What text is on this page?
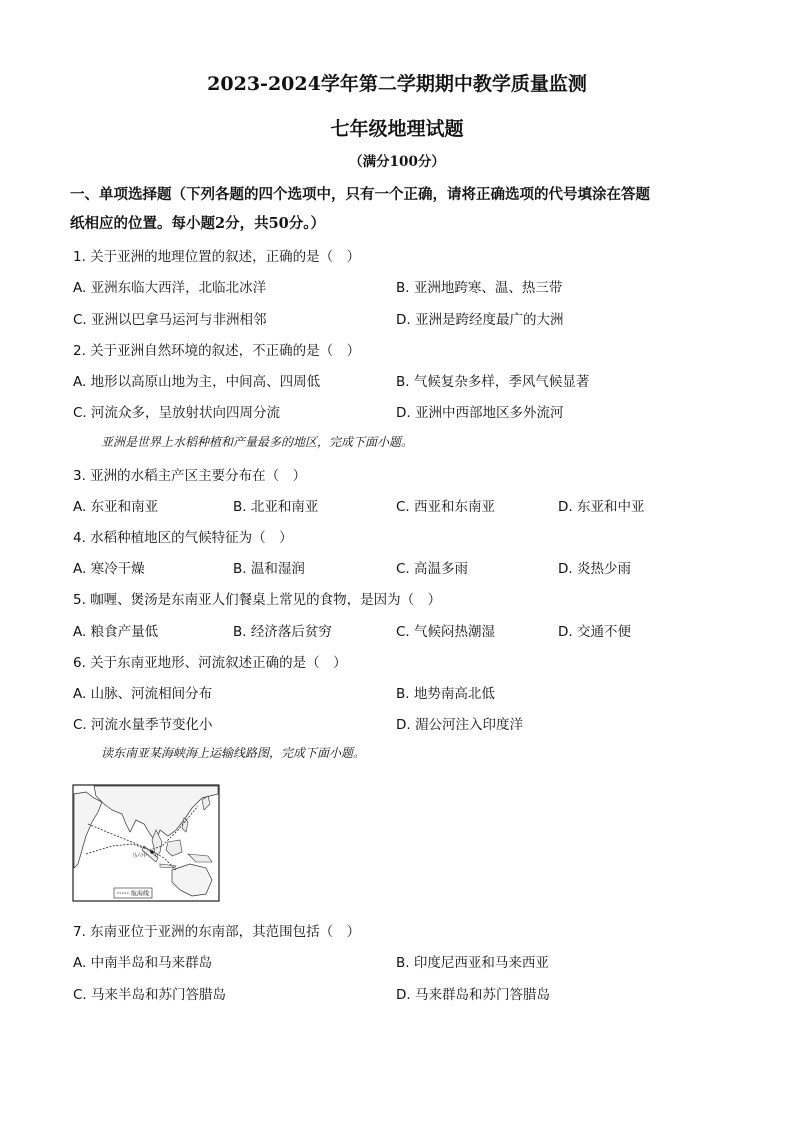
2023-2024学年第二学期期中教学质量监测
七年级地理试题
（满分100分）
一、单项选择题（下列各题的四个选项中，只有一个正确，请将正确选项的代号填涂在答题
纸相应的位置。每小题2分，共50分。）
1. 关于亚洲的地理位置的叙述，正确的是（　）
A. 亚洲东临大西洋，北临北冰洋	B. 亚洲地跨寒、温、热三带
C. 亚洲以巴拿马运河与非洲相邻	D. 亚洲是跨经度最广的大洲
2. 关于亚洲自然环境的叙述，不正确的是（　）
A. 地形以高原山地为主，中间高、四周低	B. 气候复杂多样，季风气候显著
C. 河流众多，呈放射状向四周分流	D. 亚洲中西部地区多外流河
亚洲是世界上水稻种植和产量最多的地区，完成下面小题。
3. 亚洲的水稻主产区主要分布在（　）
A. 东亚和南亚	B. 北亚和南亚	C. 西亚和东南亚	D. 东亚和中亚
4. 水稻种植地区的气候特征为（　）
A. 寒冷干燥	B. 温和湿润	C. 高温多雨	D. 炎热少雨
5. 咖喱、煲汤是东南亚人们餐桌上常见的食物，是因为（　）
A. 粮食产量低	B. 经济落后贫穷	C. 气候闷热潮湿	D. 交通不便
6. 关于东南亚地形、河流叙述正确的是（　）
A. 山脉、河流相间分布	B. 地势南高北低
C. 河流水量季节变化小	D. 湄公河注入印度洋
读东南亚某海峡海上运输线路图，完成下面小题。
马六甲
航海线
7. 东南亚位于亚洲的东南部，其范围包括（　）
A. 中南半岛和马来群岛	B. 印度尼西亚和马来西亚
C. 马来半岛和苏门答腊岛	D. 马来群岛和苏门答腊岛
